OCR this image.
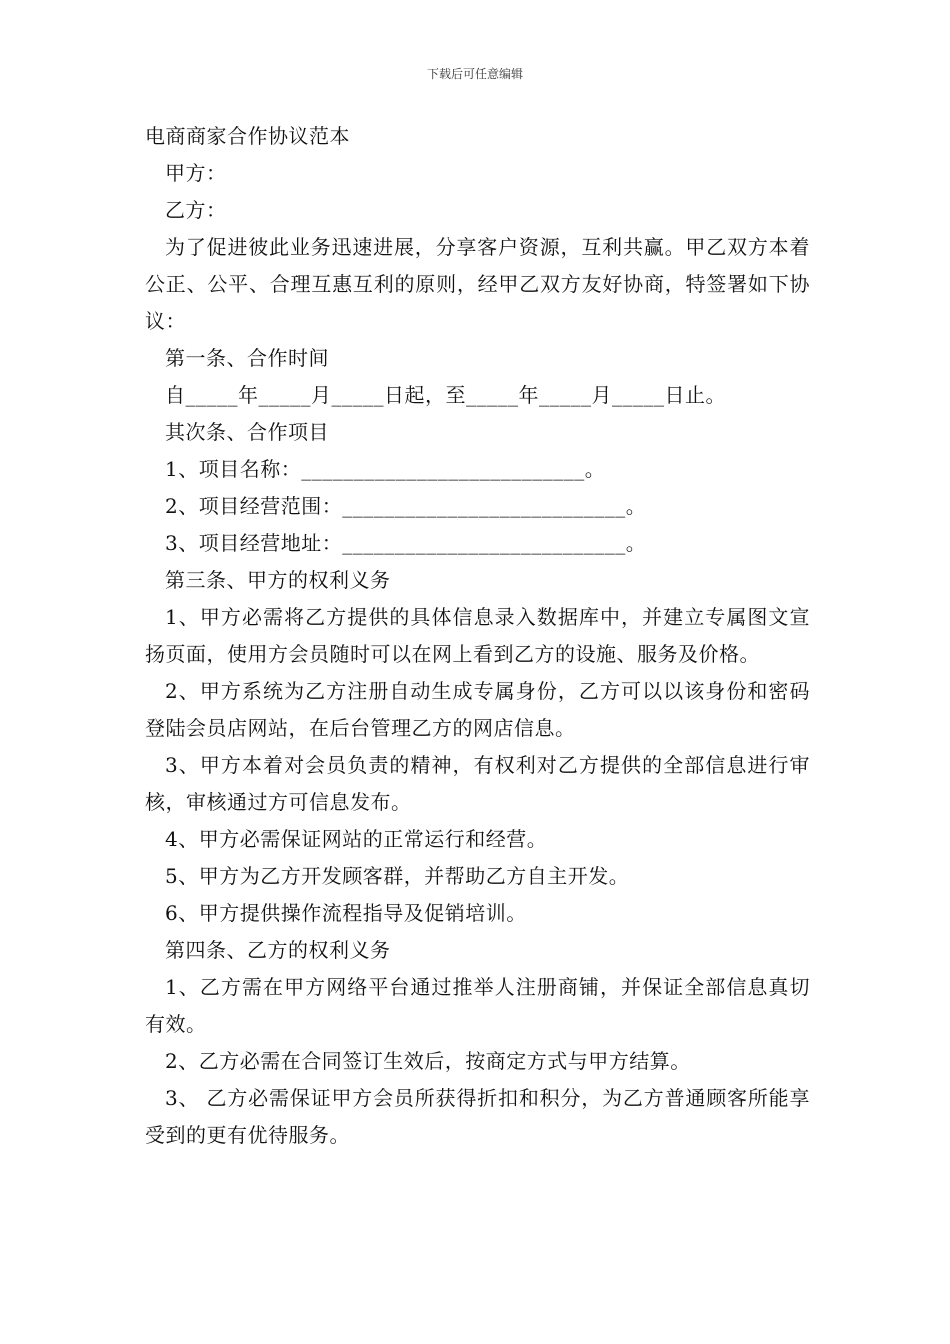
下载后可任意编辑

电商商家合作协议范本

甲方：

乙方：

为了促进彼此业务迅速进展，分享客户资源，互利共赢。甲乙双方本着公正、公平、合理互惠互利的原则，经甲乙双方友好协商，特签署如下协议：

第一条、合作时间

自_____年_____月_____日起，至_____年_____月_____日止。

其次条、合作项目

1、项目名称：___________________________。

2、项目经营范围：___________________________。

3、项目经营地址：___________________________。

第三条、甲方的权利义务

1、甲方必需将乙方提供的具体信息录入数据库中，并建立专属图文宣扬页面，使用方会员随时可以在网上看到乙方的设施、服务及价格。

2、甲方系统为乙方注册自动生成专属身份，乙方可以以该身份和密码登陆会员店网站，在后台管理乙方的网店信息。

3、甲方本着对会员负责的精神，有权利对乙方提供的全部信息进行审核，审核通过方可信息发布。

4、甲方必需保证网站的正常运行和经营。

5、甲方为乙方开发顾客群，并帮助乙方自主开发。

6、甲方提供操作流程指导及促销培训。

第四条、乙方的权利义务

1、乙方需在甲方网络平台通过推举人注册商铺，并保证全部信息真切有效。

2、乙方必需在合同签订生效后，按商定方式与甲方结算。

3、 乙方必需保证甲方会员所获得折扣和积分，为乙方普通顾客所能享受到的更有优待服务。
